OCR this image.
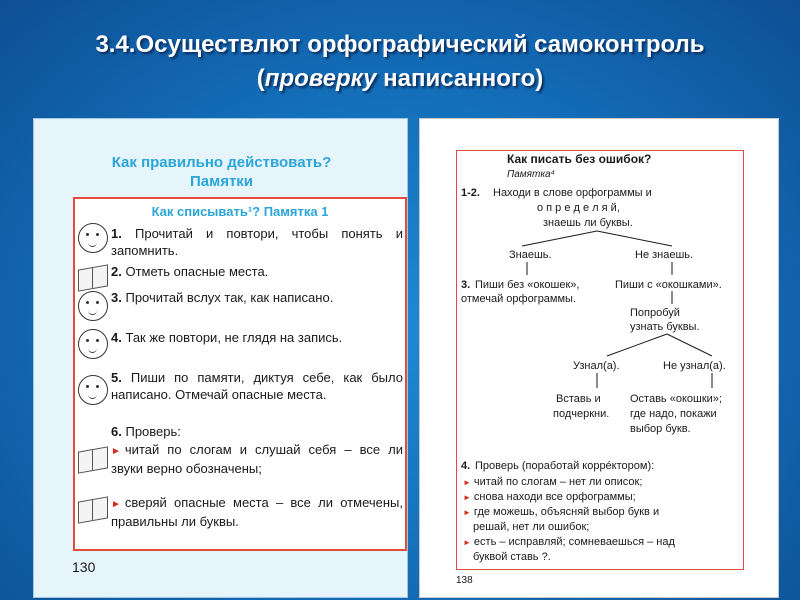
3.4.Осуществлют орфографический самоконтроль
(проверку написанного)
Как правильно действовать?
Памятки
Как списывать¹? Памятка 1
1. Прочитай и повтори, чтобы понять и запомнить.
2. Отметь опасные места.
3. Прочитай вслух так, как написано.
4. Так же повтори, не глядя на запись.
5. Пиши по памяти, диктуя себе, как было написано. Отмечай опасные места.
6. Проверь:
► читай по слогам и слушай себя – все ли звуки верно обозначены;
► сверяй опасные места – все ли отмечены, правильны ли буквы.
130
Как писать без ошибок?
Памятка⁴
1-2. Находи в слове орфограммы и
о п р е д е л я й,
знаешь ли буквы.
Знаешь.	Не знаешь.
3. Пиши без «окошек»,
отмечай орфограммы.
Пиши с «окошками».
Попробуй
узнать буквы.
Узнал(а).	Не узнал(а).
Вставь и
подчеркни.
Оставь «окошки»;
где надо, покажи
выбор букв.
4. Проверь (поработай корре́ктором):
► читай по слогам – нет ли описок;
► снова находи все орфограммы;
► где можешь, объясняй выбор букв и
решай, нет ли ошибок;
► есть – исправляй; сомневаешься – над
буквой ставь ?.
138
